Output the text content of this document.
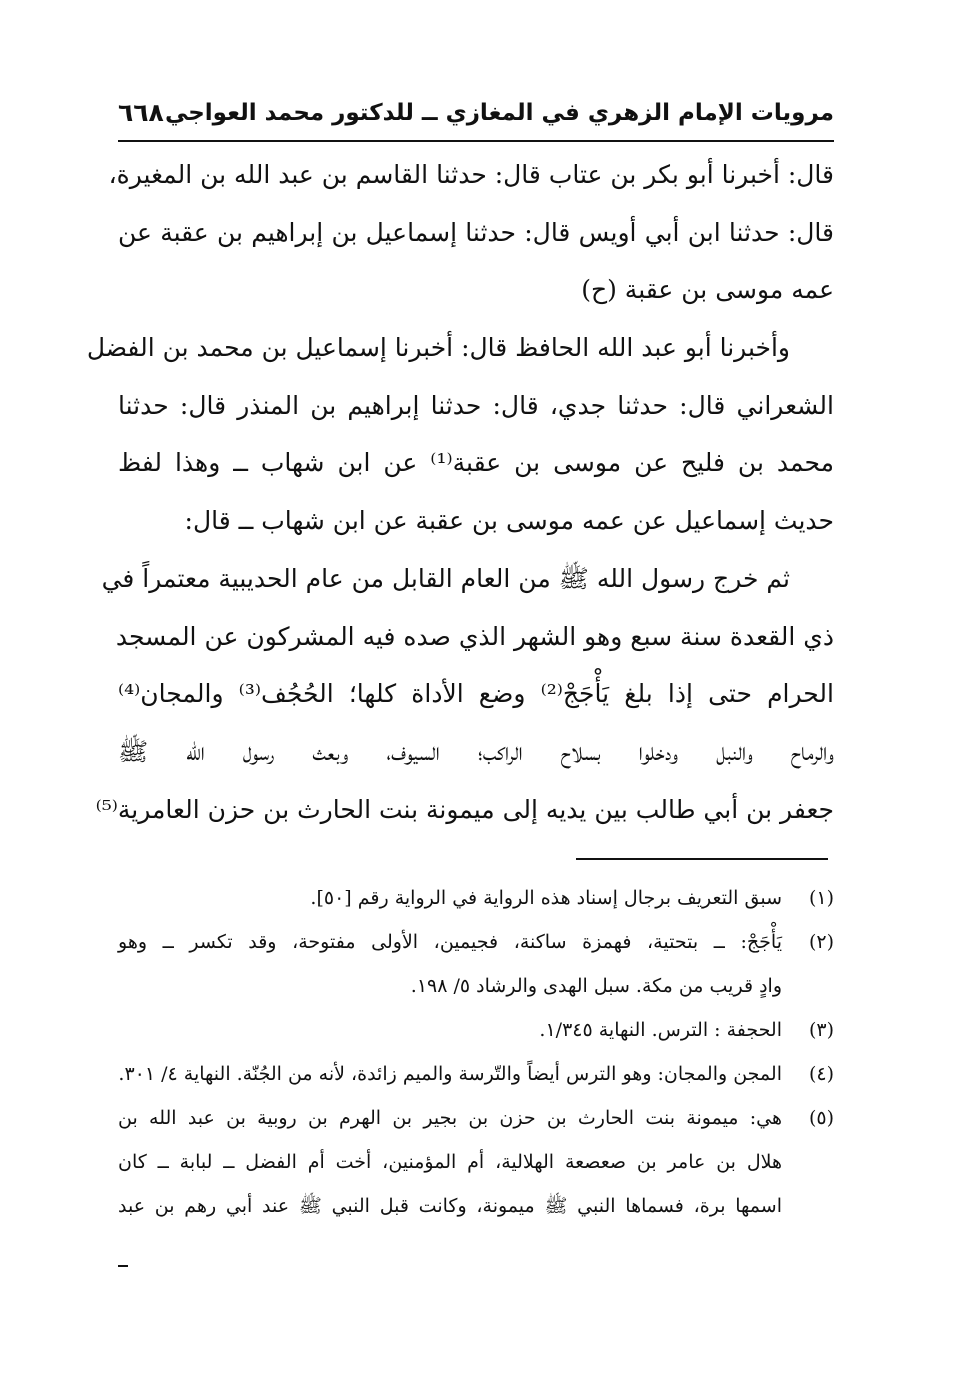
مرويات الإمام الزهري في المغازي ــ للدكتور محمد العواجي
٦٦٨
قال: أخبرنا أبو بكر بن عتاب قال: حدثنا القاسم بن عبد الله بن المغيرة،
قال: حدثنا ابن أبي أويس قال: حدثنا إسماعيل بن إبراهيم بن عقبة عن
عمه موسى بن عقبة (ح)
وأخبرنا أبو عبد الله الحافظ قال: أخبرنا إسماعيل بن محمد بن الفضل
الشعراني قال: حدثنا جدي، قال: حدثنا إبراهيم بن المنذر قال: حدثنا
محمد بن فليح عن موسى بن عقبة⁽¹⁾ عن ابن شهاب ــ وهذا لفظ
حديث إسماعيل عن عمه موسى بن عقبة عن ابن شهاب ــ قال:
ثم خرج رسول الله ﷺ من العام القابل من عام الحديبية معتمراً في
ذي القعدة سنة سبع وهو الشهر الذي صده فيه المشركون عن المسجد
الحرام حتى إذا بلغ يَأْجَجْ⁽²⁾ وضع الأداة كلها؛ الحُجُف⁽³⁾ والمجان⁽⁴⁾
والرماح والنبل ودخلوا بسلاح الراكب؛ السيوف، وبعث رسول الله ﷺ
جعفر بن أبي طالب بين يديه إلى ميمونة بنت الحارث بن حزن العامرية⁽⁵⁾
(١)
سبق التعريف برجال إسناد هذه الرواية في الرواية رقم [٥٠].
(٢)
يَأْجَجْ: ــ بتحتية، فهمزة ساكنة، فجيمين، الأولى مفتوحة، وقد تكسر ــ وهو
وادٍ قريب من مكة. سبل الهدى والرشاد ٥/ ١٩٨.
(٣)
الحجفة : الترس. النهاية ١/٣٤٥.
(٤)
المجن والمجان: وهو الترس أيضاً والتّرسة والميم زائدة، لأنه من الجُنّة. النهاية ٤/ ٣٠١.
(٥)
هي: ميمونة بنت الحارث بن حزن بن بجير بن الهرم بن روبية بن عبد الله بن
هلال بن عامر بن صعصعة الهلالية، أم المؤمنين، أخت أم الفضل ــ لبابة ــ كان
اسمها برة، فسماها النبي ﷺ ميمونة، وكانت قبل النبي ﷺ عند أبي رهم بن عبد
